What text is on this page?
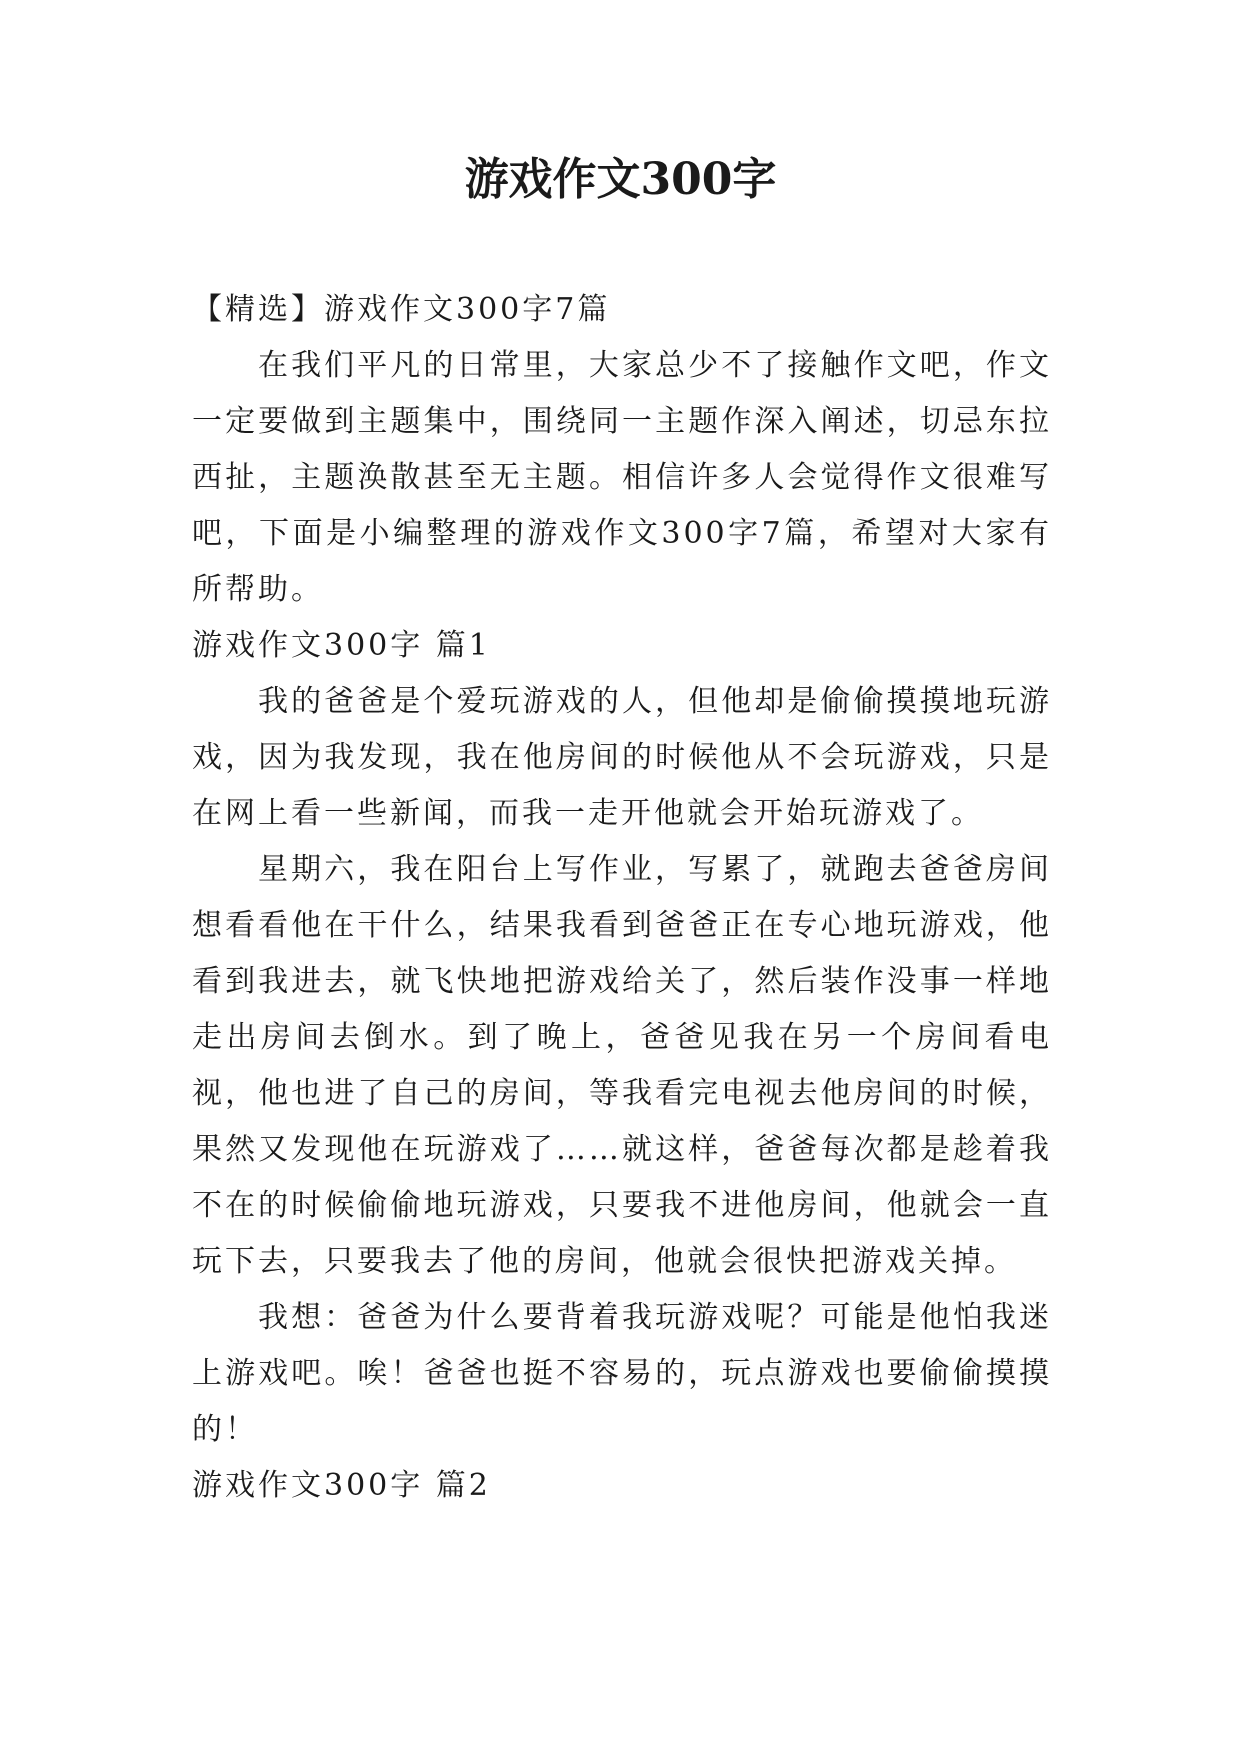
游戏作文300字

【精选】游戏作文300字7篇

在我们平凡的日常里，大家总少不了接触作文吧，作文一定要做到主题集中，围绕同一主题作深入阐述，切忌东拉西扯，主题涣散甚至无主题。相信许多人会觉得作文很难写吧，下面是小编整理的游戏作文300字7篇，希望对大家有所帮助。

游戏作文300字 篇1

我的爸爸是个爱玩游戏的人，但他却是偷偷摸摸地玩游戏，因为我发现，我在他房间的时候他从不会玩游戏，只是在网上看一些新闻，而我一走开他就会开始玩游戏了。

星期六，我在阳台上写作业，写累了，就跑去爸爸房间想看看他在干什么，结果我看到爸爸正在专心地玩游戏，他看到我进去，就飞快地把游戏给关了，然后装作没事一样地走出房间去倒水。到了晚上，爸爸见我在另一个房间看电视，他也进了自己的房间，等我看完电视去他房间的时候，果然又发现他在玩游戏了……就这样，爸爸每次都是趁着我不在的时候偷偷地玩游戏，只要我不进他房间，他就会一直玩下去，只要我去了他的房间，他就会很快把游戏关掉。

我想：爸爸为什么要背着我玩游戏呢？可能是他怕我迷上游戏吧。唉！爸爸也挺不容易的，玩点游戏也要偷偷摸摸的！

游戏作文300字 篇2
